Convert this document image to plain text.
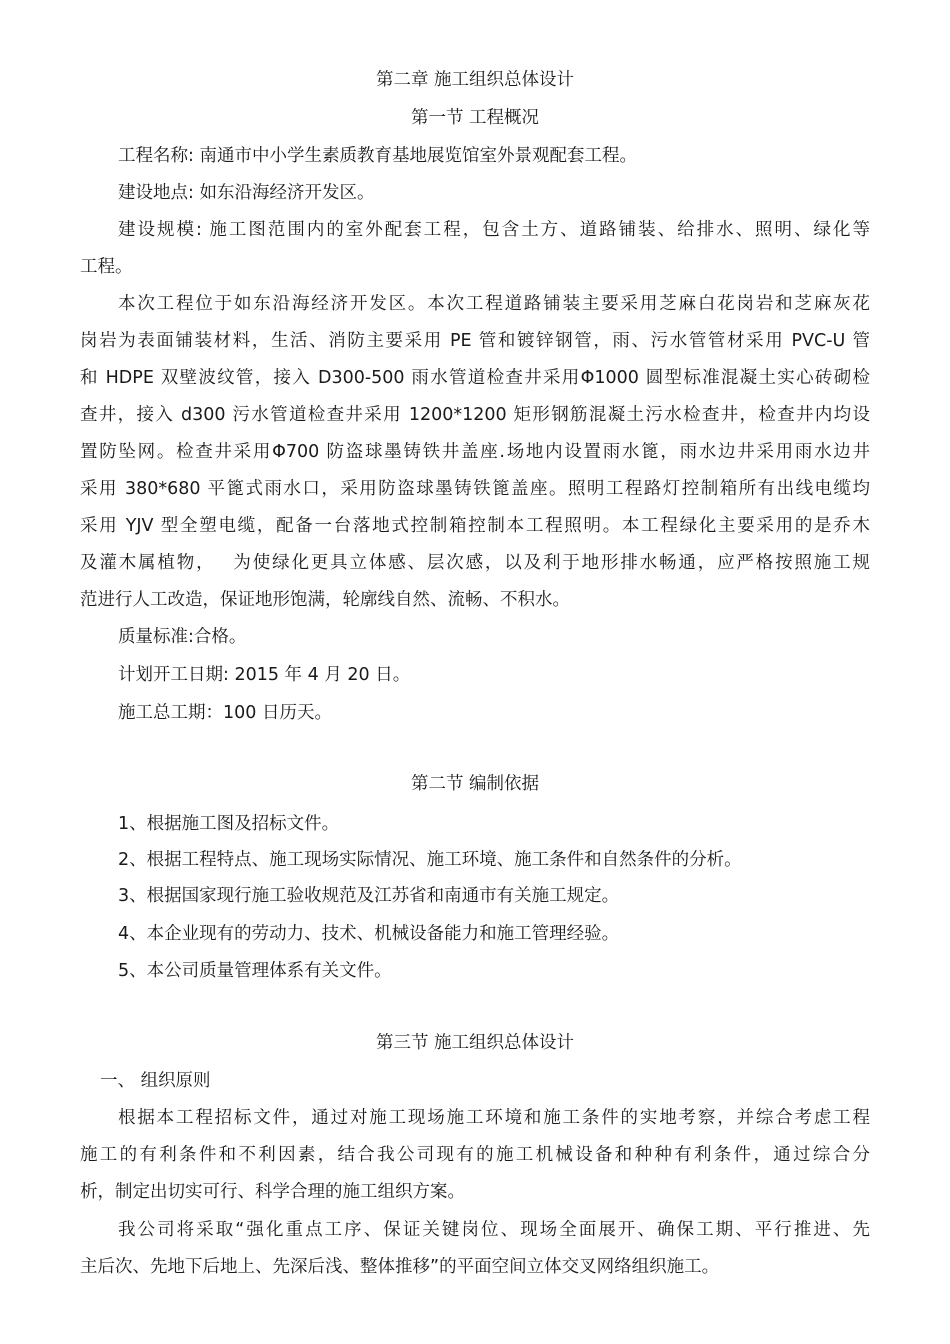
第二章 施工组织总体设计
第一节 工程概况
工程名称: 南通市中小学生素质教育基地展览馆室外景观配套工程。
建设地点: 如东沿海经济开发区。
建设规模: 施工图范围内的室外配套工程，包含土方、道路铺装、给排水、照明、绿化等
工程。
本次工程位于如东沿海经济开发区。本次工程道路铺装主要采用芝麻白花岗岩和芝麻灰花
岗岩为表面铺装材料，生活、消防主要采用 PE 管和镀锌钢管，雨、污水管管材采用 PVC-U 管
和 HDPE 双壁波纹管，接入 D300-500 雨水管道检查井采用Φ1000 圆型标准混凝土实心砖砌检
查井，接入 d300 污水管道检查井采用 1200*1200 矩形钢筋混凝土污水检查井，检查井内均设
置防坠网。检查井采用Φ700 防盗球墨铸铁井盖座.场地内设置雨水篦，雨水边井采用雨水边井
采用 380*680 平篦式雨水口，采用防盗球墨铸铁篦盖座。照明工程路灯控制箱所有出线电缆均
采用 YJV 型全塑电缆，配备一台落地式控制箱控制本工程照明。本工程绿化主要采用的是乔木
及灌木属植物，　 为使绿化更具立体感、层次感，以及利于地形排水畅通，应严格按照施工规
范进行人工改造，保证地形饱满，轮廓线自然、流畅、不积水。
质量标准:合格。
计划开工日期: 2015 年 4 月 20 日。
施工总工期：100 日历天。
第二节 编制依据
1、根据施工图及招标文件。
2、根据工程特点、施工现场实际情况、施工环境、施工条件和自然条件的分析。
3、根据国家现行施工验收规范及江苏省和南通市有关施工规定。
4、本企业现有的劳动力、技术、机械设备能力和施工管理经验。
5、本公司质量管理体系有关文件。
第三节 施工组织总体设计
一、 组织原则
根据本工程招标文件，通过对施工现场施工环境和施工条件的实地考察，并综合考虑工程
施工的有利条件和不利因素，结合我公司现有的施工机械设备和种种有利条件，通过综合分
析，制定出切实可行、科学合理的施工组织方案。
我公司将采取“强化重点工序、保证关键岗位、现场全面展开、确保工期、平行推进、先
主后次、先地下后地上、先深后浅、整体推移”的平面空间立体交叉网络组织施工。
